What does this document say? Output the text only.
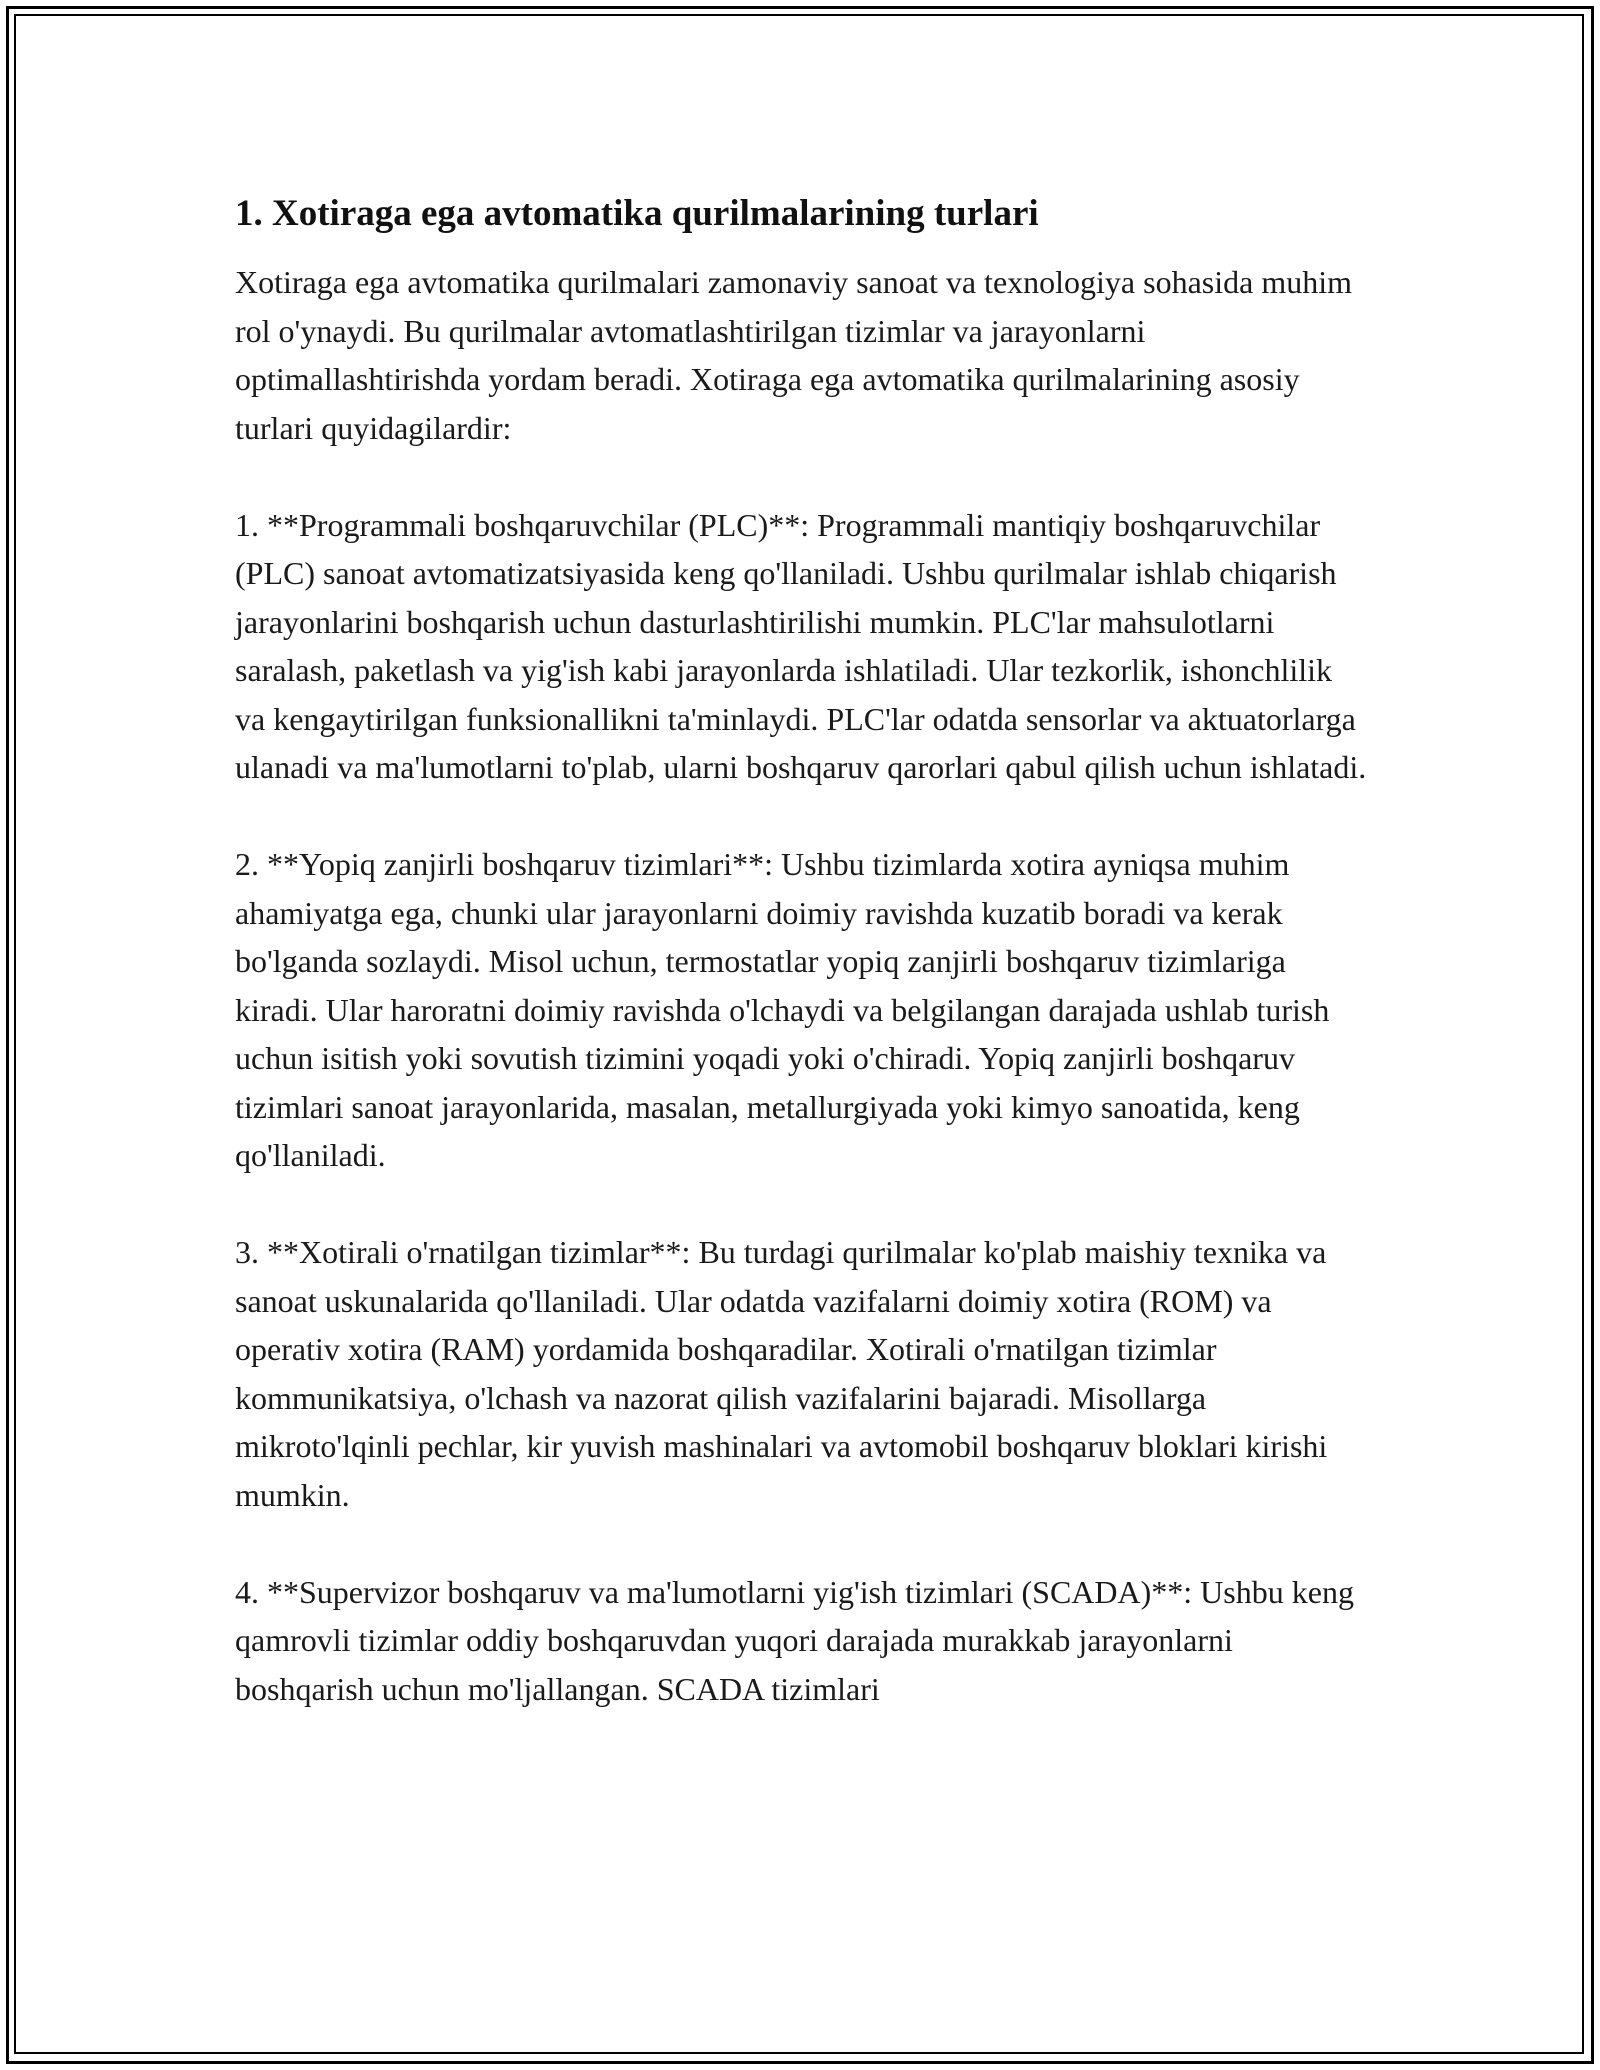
1. Xotiraga ega avtomatika qurilmalarining turlari

Xotiraga ega avtomatika qurilmalari zamonaviy sanoat va texnologiya sohasida muhim rol o'ynaydi. Bu qurilmalar avtomatlashtirilgan tizimlar va jarayonlarni optimallashtirishda yordam beradi. Xotiraga ega avtomatika qurilmalarining asosiy turlari quyidagilardir:

1. **Programmali boshqaruvchilar (PLC)**: Programmali mantiqiy boshqaruvchilar (PLC) sanoat avtomatizatsiyasida keng qo'llaniladi. Ushbu qurilmalar ishlab chiqarish jarayonlarini boshqarish uchun dasturlashtirilishi mumkin. PLC'lar mahsulotlarni saralash, paketlash va yig'ish kabi jarayonlarda ishlatiladi. Ular tezkorlik, ishonchlilik va kengaytirilgan funksionallikni ta'minlaydi. PLC'lar odatda sensorlar va aktuatorlarga ulanadi va ma'lumotlarni to'plab, ularni boshqaruv qarorlari qabul qilish uchun ishlatadi.

2. **Yopiq zanjirli boshqaruv tizimlari**: Ushbu tizimlarda xotira ayniqsa muhim ahamiyatga ega, chunki ular jarayonlarni doimiy ravishda kuzatib boradi va kerak bo'lganda sozlaydi. Misol uchun, termostatlar yopiq zanjirli boshqaruv tizimlariga kiradi. Ular haroratni doimiy ravishda o'lchaydi va belgilangan darajada ushlab turish uchun isitish yoki sovutish tizimini yoqadi yoki o'chiradi. Yopiq zanjirli boshqaruv tizimlari sanoat jarayonlarida, masalan, metallurgiyada yoki kimyo sanoatida, keng qo'llaniladi.

3. **Xotirali o'rnatilgan tizimlar**: Bu turdagi qurilmalar ko'plab maishiy texnika va sanoat uskunalarida qo'llaniladi. Ular odatda vazifalarni doimiy xotira (ROM) va operativ xotira (RAM) yordamida boshqaradilar. Xotirali o'rnatilgan tizimlar kommunikatsiya, o'lchash va nazorat qilish vazifalarini bajaradi. Misollarga mikroto'lqinli pechlar, kir yuvish mashinalari va avtomobil boshqaruv bloklari kirishi mumkin.

4. **Supervizor boshqaruv va ma'lumotlarni yig'ish tizimlari (SCADA)**: Ushbu keng qamrovli tizimlar oddiy boshqaruvdan yuqori darajada murakkab jarayonlarni boshqarish uchun mo'ljallangan. SCADA tizimlari
